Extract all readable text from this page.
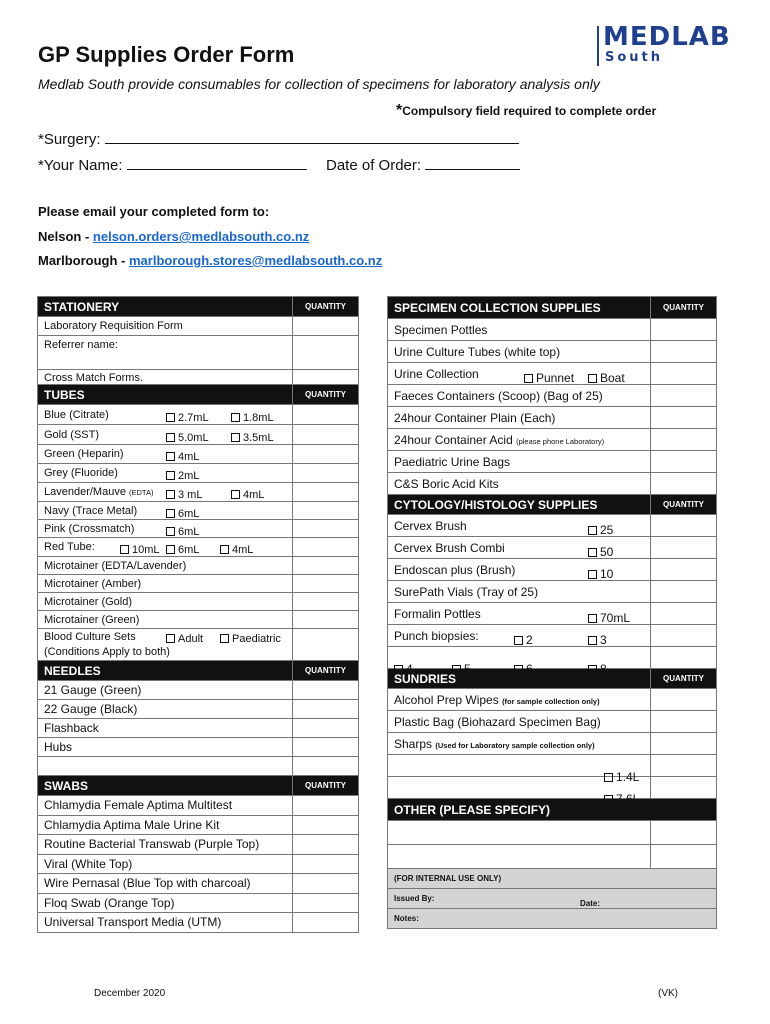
GP Supplies Order Form
Medlab South provide consumables for collection of specimens for laboratory analysis only
*Compulsory field required to complete order
MEDLAB
South
*Surgery:
*Your Name:	Date of Order:
Please email your completed form to:
Nelson - nelson.orders@medlabsouth.co.nz
Marlborough - marlborough.stores@medlabsouth.co.nz
STATIONERY	QUANTITY
Laboratory Requisition Form	
Referrer name:	
Cross Match Forms.	
TUBES	QUANTITY

Blue (Citrate) 2.7mL 1.8mL	

Gold (SST) 5.0mL 3.5mL	

Green (Heparin) 4mL	

Grey (Fluoride) 2mL	

Lavender/Mauve (EDTA) 3 mL 4mL	

Navy (Trace Metal) 6mL	

Pink (Crossmatch) 6mL	

Red Tube: 10mL 6mL 4mL	

Microtainer (EDTA/Lavender)	
Microtainer (Amber)	
Microtainer (Gold)	
Microtainer (Green)	

Blood Culture Sets
(Conditions Apply to both)
Adult Paediatric	

NEEDLES	QUANTITY
21 Gauge (Green)	
22 Gauge (Black)	
Flashback	
Hubs	

SWABS	QUANTITY
Chlamydia Female Aptima Multitest	
Chlamydia Aptima Male Urine Kit	
Routine Bacterial Transwab (Purple Top)	
Viral (White Top)	
Wire Pernasal (Blue Top with charcoal)	
Floq Swab (Orange Top)	
Universal Transport Media (UTM)	
SPECIMEN COLLECTION SUPPLIES	QUANTITY
Specimen Pottles	
Urine Culture Tubes (white top)	

Urine Collection Punnet Boat	

Faeces Containers (Scoop) (Bag of 25)	
24hour Container Plain (Each)	
24hour Container Acid (please phone Laboratory)	
Paediatric Urine Bags	
C&S Boric Acid Kits	
CYTOLOGY/HISTOLOGY SUPPLIES	QUANTITY

Cervex Brush 25	

Cervex Brush Combi 50	

Endoscan plus (Brush) 10	

SurePath Vials (Tray of 25)	

Formalin Pottles 70mL	

Punch biopsies: 2 3	

4 5 6 8	

SUNDRIES	QUANTITY
Alcohol Prep Wipes (for sample collection only)	
Plastic Bag (Biohazard Specimen Bag)	
Sharps (Used for Laboratory sample collection only)	

1.4L	

7.6L	

OTHER (PLEASE SPECIFY)	

(FOR INTERNAL USE ONLY)	

Issued By:
Date:	

Notes:	
December 2020	(VK)
